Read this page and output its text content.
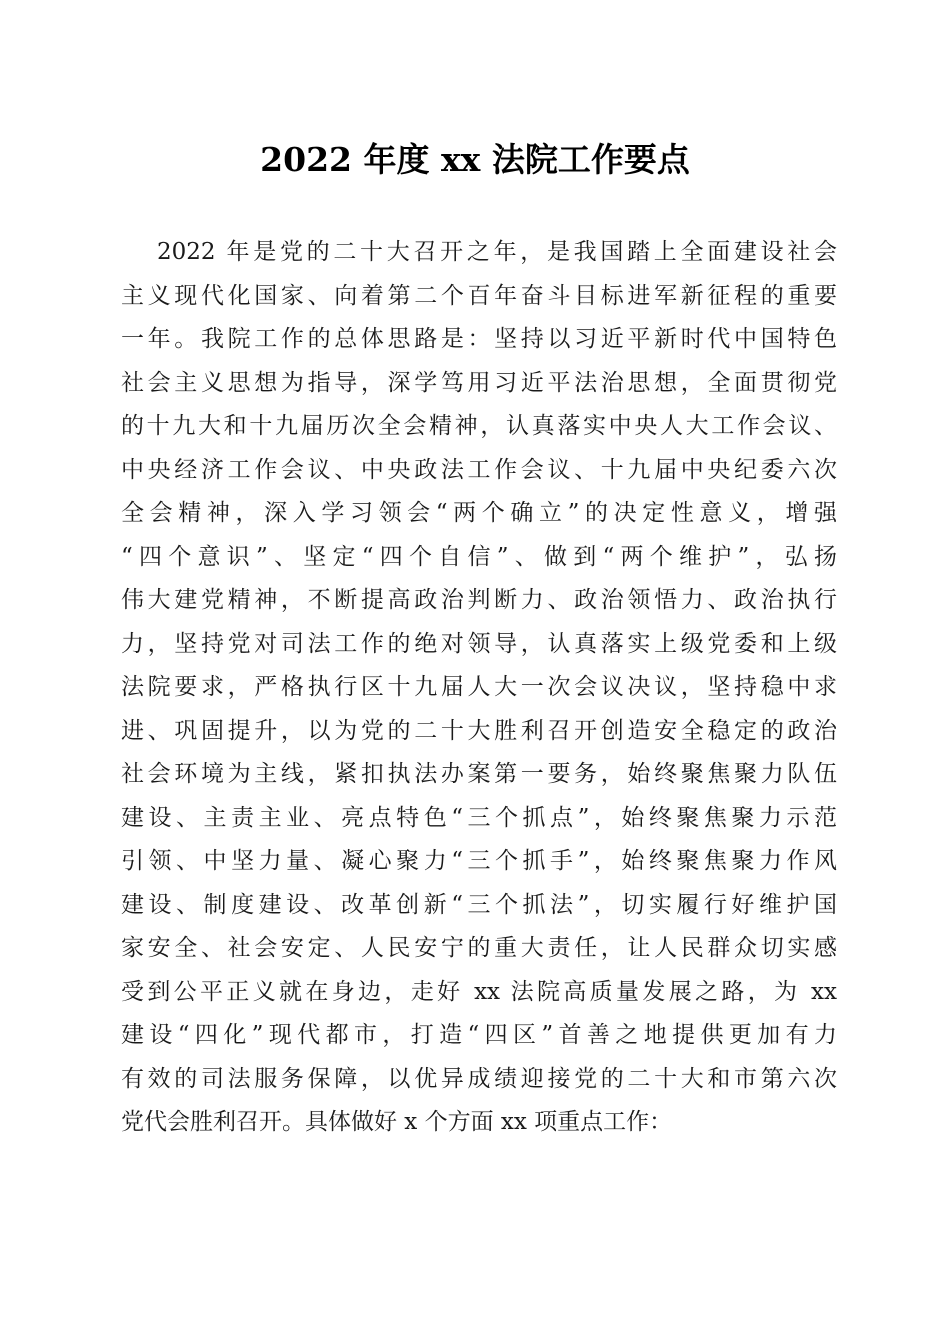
2022 年度 xx 法院工作要点
2022 年是党的二十大召开之年，是我国踏上全面建设社会
主义现代化国家、向着第二个百年奋斗目标进军新征程的重要
一年。我院工作的总体思路是：坚持以习近平新时代中国特色
社会主义思想为指导，深学笃用习近平法治思想，全面贯彻党
的十九大和十九届历次全会精神，认真落实中央人大工作会议、
中央经济工作会议、中央政法工作会议、十九届中央纪委六次
全会精神，深入学习领会“两个确立”的决定性意义，增强
“四个意识”、坚定“四个自信”、做到“两个维护”，弘扬
伟大建党精神，不断提高政治判断力、政治领悟力、政治执行
力，坚持党对司法工作的绝对领导，认真落实上级党委和上级
法院要求，严格执行区十九届人大一次会议决议，坚持稳中求
进、巩固提升，以为党的二十大胜利召开创造安全稳定的政治
社会环境为主线，紧扣执法办案第一要务，始终聚焦聚力队伍
建设、主责主业、亮点特色“三个抓点”，始终聚焦聚力示范
引领、中坚力量、凝心聚力“三个抓手”，始终聚焦聚力作风
建设、制度建设、改革创新“三个抓法”，切实履行好维护国
家安全、社会安定、人民安宁的重大责任，让人民群众切实感
受到公平正义就在身边，走好 xx 法院高质量发展之路，为 xx
建设“四化”现代都市，打造“四区”首善之地提供更加有力
有效的司法服务保障，以优异成绩迎接党的二十大和市第六次
党代会胜利召开。具体做好 x 个方面 xx 项重点工作：
